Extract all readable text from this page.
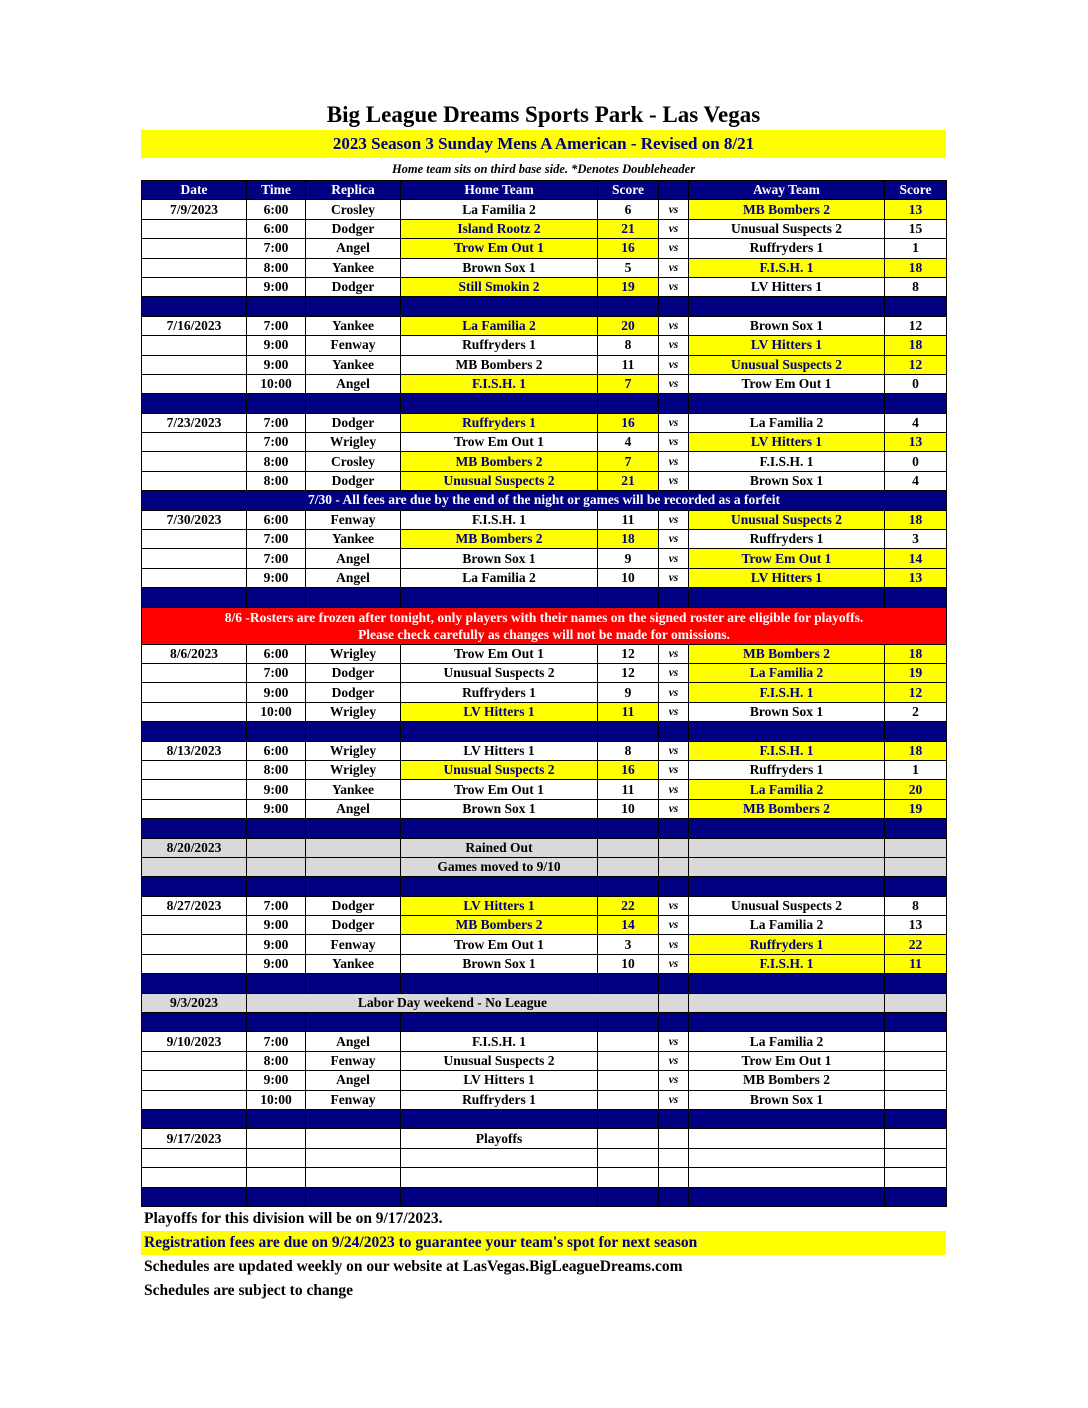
Big League Dreams Sports Park - Las Vegas
2023 Season 3 Sunday Mens A American - Revised on 8/21
Home team sits on third base side. *Denotes Doubleheader
Date	Time	Replica	Home Team	Score		Away Team	Score
7/9/2023	6:00	Crosley	La Familia 2	6	vs	MB Bombers 2	13
	6:00	Dodger	Island Rootz 2	21	vs	Unusual Suspects 2	15
	7:00	Angel	Trow Em Out 1	16	vs	Ruffryders 1	1
	8:00	Yankee	Brown Sox 1	5	vs	F.I.S.H. 1	18
	9:00	Dodger	Still Smokin 2	19	vs	LV Hitters 1	8

7/16/2023	7:00	Yankee	La Familia 2	20	vs	Brown Sox 1	12
	9:00	Fenway	Ruffryders 1	8	vs	LV Hitters 1	18
	9:00	Yankee	MB Bombers 2	11	vs	Unusual Suspects 2	12
	10:00	Angel	F.I.S.H. 1	7	vs	Trow Em Out 1	0

7/23/2023	7:00	Dodger	Ruffryders 1	16	vs	La Familia 2	4
	7:00	Wrigley	Trow Em Out 1	4	vs	LV Hitters 1	13
	8:00	Crosley	MB Bombers 2	7	vs	F.I.S.H. 1	0
	8:00	Dodger	Unusual Suspects 2	21	vs	Brown Sox 1	4
7/30 - All fees are due by the end of the night or games will be recorded as a forfeit							
7/30/2023	6:00	Fenway	F.I.S.H. 1	11	vs	Unusual Suspects 2	18
	7:00	Yankee	MB Bombers 2	18	vs	Ruffryders 1	3
	7:00	Angel	Brown Sox 1	9	vs	Trow Em Out 1	14
	9:00	Angel	La Familia 2	10	vs	LV Hitters 1	13

8/6 -Rosters are frozen after tonight, only players with their names on the signed roster are eligible for playoffs.
Please check carefully as changes will not be made for omissions.							

8/6/2023	6:00	Wrigley	Trow Em Out 1	12	vs	MB Bombers 2	18
	7:00	Dodger	Unusual Suspects 2	12	vs	La Familia 2	19
	9:00	Dodger	Ruffryders 1	9	vs	F.I.S.H. 1	12
	10:00	Wrigley	LV Hitters 1	11	vs	Brown Sox 1	2

8/13/2023	6:00	Wrigley	LV Hitters 1	8	vs	F.I.S.H. 1	18
	8:00	Wrigley	Unusual Suspects 2	16	vs	Ruffryders 1	1
	9:00	Yankee	Trow Em Out 1	11	vs	La Familia 2	20
	9:00	Angel	Brown Sox 1	10	vs	MB Bombers 2	19

8/20/2023			Rained Out				
			Games moved to 9/10				

8/27/2023	7:00	Dodger	LV Hitters 1	22	vs	Unusual Suspects 2	8
	9:00	Dodger	MB Bombers 2	14	vs	La Familia 2	13
	9:00	Fenway	Trow Em Out 1	3	vs	Ruffryders 1	22
	9:00	Yankee	Brown Sox 1	10	vs	F.I.S.H. 1	11

9/3/2023	Labor Day weekend - No League						

9/10/2023	7:00	Angel	F.I.S.H. 1		vs	La Familia 2	
	8:00	Fenway	Unusual Suspects 2		vs	Trow Em Out 1	
	9:00	Angel	LV Hitters 1		vs	MB Bombers 2	
	10:00	Fenway	Ruffryders 1		vs	Brown Sox 1	

9/17/2023			Playoffs				

Playoffs for this division will be on 9/17/2023.
Registration fees are due on 9/24/2023 to guarantee your team's spot for next season
Schedules are updated weekly on our website at LasVegas.BigLeagueDreams.com
Schedules are subject to change
